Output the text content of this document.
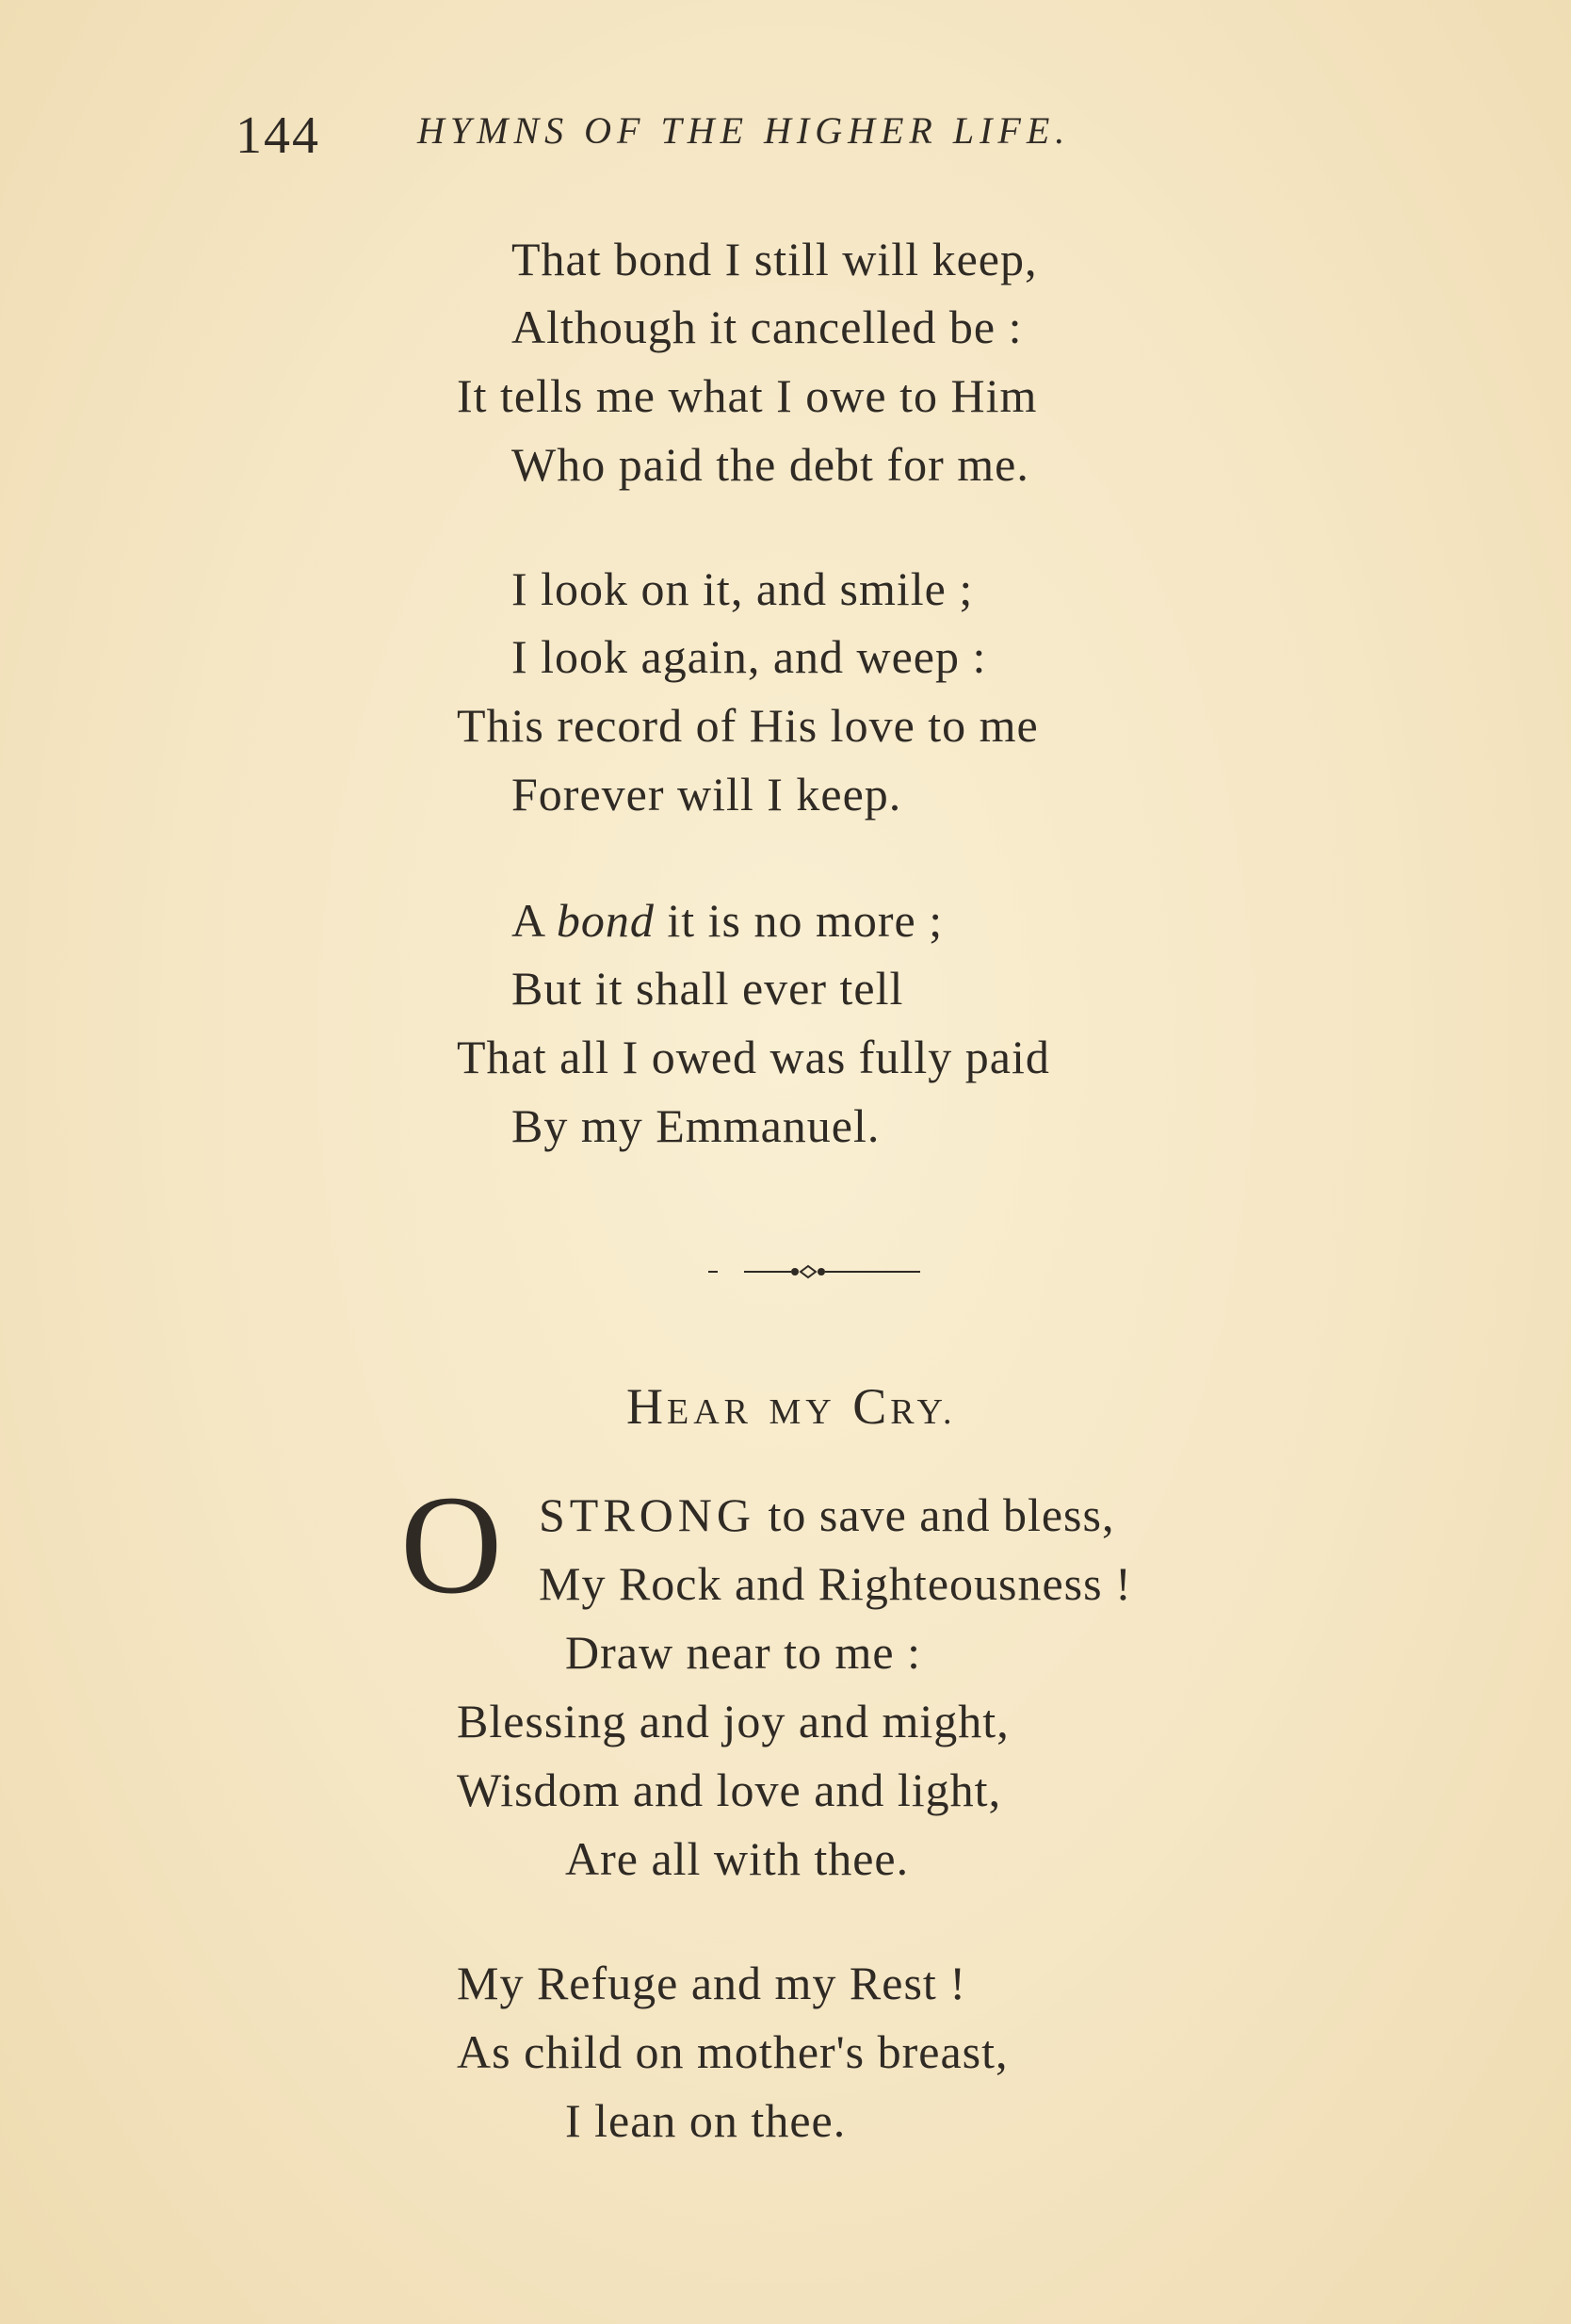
144	HYMNS OF THE HIGHER LIFE.
That bond I still will keep,
Although it cancelled be :
It tells me what I owe to Him
Who paid the debt for me.
I look on it, and smile ;
I look again, and weep :
This record of His love to me
Forever will I keep.
A bond it is no more ;
But it shall ever tell
That all I owed was fully paid
By my Emmanuel.
HEAR MY CRY.
O STRONG to save and bless,
My Rock and Righteousness !
Draw near to me :
Blessing and joy and might,
Wisdom and love and light,
Are all with thee.
My Refuge and my Rest !
As child on mother's breast,
I lean on thee.
